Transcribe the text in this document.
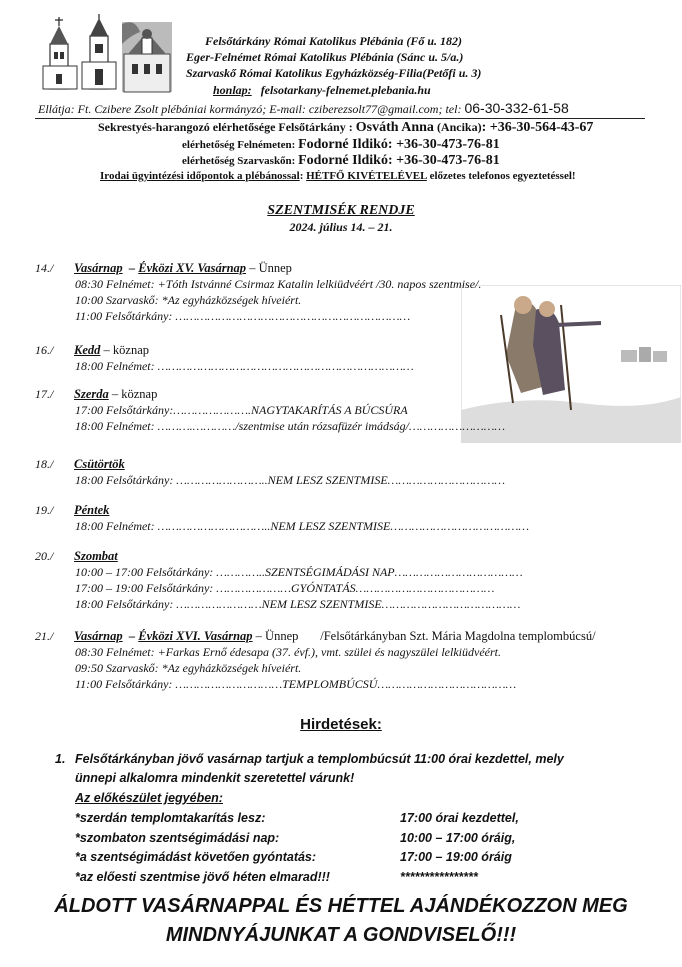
Felsőtárkány Római Katolikus Plébánia (Fő u. 182)
Eger-Felnémet Római Katolikus Plébánia (Sánc u. 5/a.)
Szarvaskő Római Katolikus Egyházközség-Filia(Petőfi u. 3)
honlap: felsotarkany-felnemet.plebania.hu
Ellátja: Ft. Czibere Zsolt plébániai kormányzó; E-mail: cziberezsolt77@gmail.com; tel: 06-30-332-61-58
Sekrestyés-harangozó elérhetősége Felsőtárkány : Osváth Anna (Ancika): +36-30-564-43-67
elérhetőség Felnémeten: Fodorné Ildikó: +36-30-473-76-81
elérhetőség Szarvaskőn: Fodorné Ildikó: +36-30-473-76-81
Irodai ügyintézési időpontok a plébánossal: HÉTFŐ KIVÉTELÉVEL előzetes telefonos egyeztetéssel!
SZENTMISÉK RENDJE
2024. július 14. – 21.
14./ Vasárnap  – Évközi XV. Vasárnap – Ünnep
08:30 Felnémet: +Tóth Istvánné Csirmaz Katalin lelkiüdvéért /30. napos szentmise/.
10:00 Szarvaskő: *Az egyházközségek híveiért.
11:00 Felsőtárkány: …………………………………………………………
16./ Kedd – köznap
18:00 Felnémet: ………………………………………………………………
17./ Szerda – köznap
17:00 Felsőtárkány:………………….NAGYTAKARÍTÁS A BÚCSÚRA
18:00 Felnémet: ……….…………/szentmise után rózsafüzér imádság/………………………
18./ Csütörtök
18:00 Felsőtárkány: ……………………..NEM LESZ SZENTMISE……………………………
19./ Péntek
18:00 Felnémet: …………………………..NEM LESZ SZENTMISE…………………………………
20./ Szombat
10:00 – 17:00 Felsőtárkány: …………..SZENTSÉGIMÁDÁSI NAP………………………………
17:00 – 19:00 Felsőtárkány: …………………GYÓNTATÁS…………………………………
18:00 Felsőtárkány: ……………………NEM LESZ SZENTMISE…………………………………
21./ Vasárnap  – Évközi XVI. Vasárnap – Ünnep       /Felsőtárkányban Szt. Mária Magdolna templombúcsú/
08:30 Felnémet: +Farkas Ernő édesapa (37. évf.), vmt. szülei és nagyszülei lelkiüdvéért.
09:50 Szarvaskő: *Az egyházközségek híveiért.
11:00 Felsőtárkány: …………………………TEMPLOMBÚCSÚ…………………………………
Hirdetések:
1. Felsőtárkányban jövő vasárnap tartjuk a templombúcsút 11:00 órai kezdettel, mely
ünnepi alkalomra mindenkit szeretettel várunk!
Az előkészület jegyében:
*szerdán templomtakarítás lesz:	17:00 órai kezdettel,
*szombaton szentségimádási nap:	10:00 – 17:00 óráig,
*a szentségimádást követően gyóntatás:	17:00 – 19:00 óráig
*az előesti szentmise jövő héten elmarad!!!	****************
ÁLDOTT VASÁRNAPPAL ÉS HÉTTEL AJÁNDÉKOZZON MEG
MINDNYÁJUNKAT A GONDVISELŐ!!!
